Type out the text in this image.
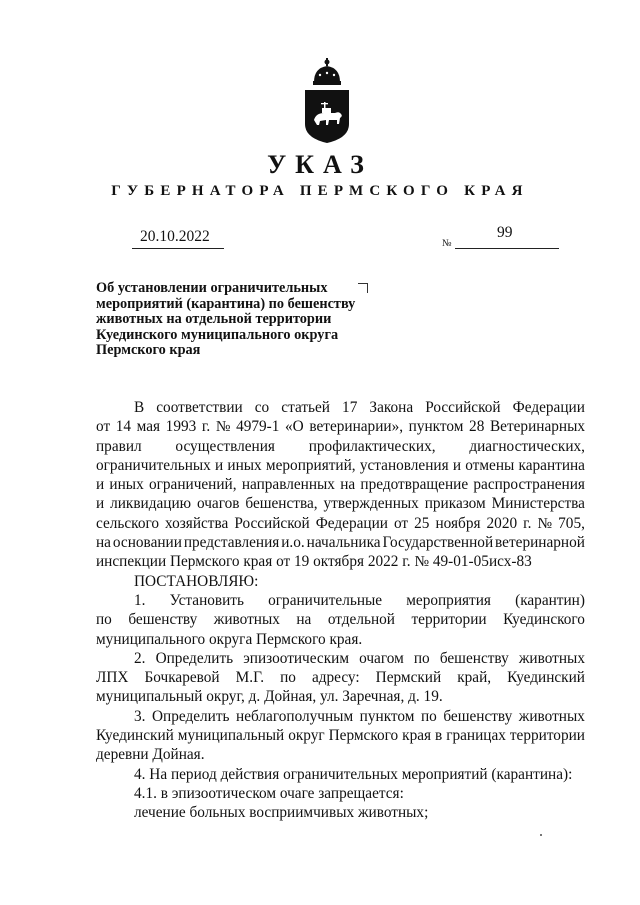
УКАЗ
ГУБЕРНАТОРА ПЕРМСКОГО КРАЯ
20.10.2022	99
№
Об установлении ограничительных
мероприятий (карантина) по бешенству
животных на отдельной территории
Куединского муниципального округа
Пермского края
В соответствии со статьей 17 Закона Российской Федерации
от 14 мая 1993 г. № 4979-1 «О ветеринарии», пунктом 28 Ветеринарных
правил осуществления профилактических, диагностических,
ограничительных и иных мероприятий, установления и отмены карантина
и иных ограничений, направленных на предотвращение распространения
и ликвидацию очагов бешенства, утвержденных приказом Министерства
сельского хозяйства Российской Федерации от 25 ноября 2020 г. № 705,
на основании представления и.о. начальника Государственной ветеринарной
инспекции Пермского края от 19 октября 2022 г. № 49-01-05исх-83
ПОСТАНОВЛЯЮ:
1. Установить ограничительные мероприятия (карантин)
по бешенству животных на отдельной территории Куединского
муниципального округа Пермского края.
2. Определить эпизоотическим очагом по бешенству животных
ЛПХ Бочкаревой М.Г. по адресу: Пермский край, Куединский
муниципальный округ, д. Дойная, ул. Заречная, д. 19.
3. Определить неблагополучным пунктом по бешенству животных
Куединский муниципальный округ Пермского края в границах территории
деревни Дойная.
4. На период действия ограничительных мероприятий (карантина):
4.1. в эпизоотическом очаге запрещается:
лечение больных восприимчивых животных;
